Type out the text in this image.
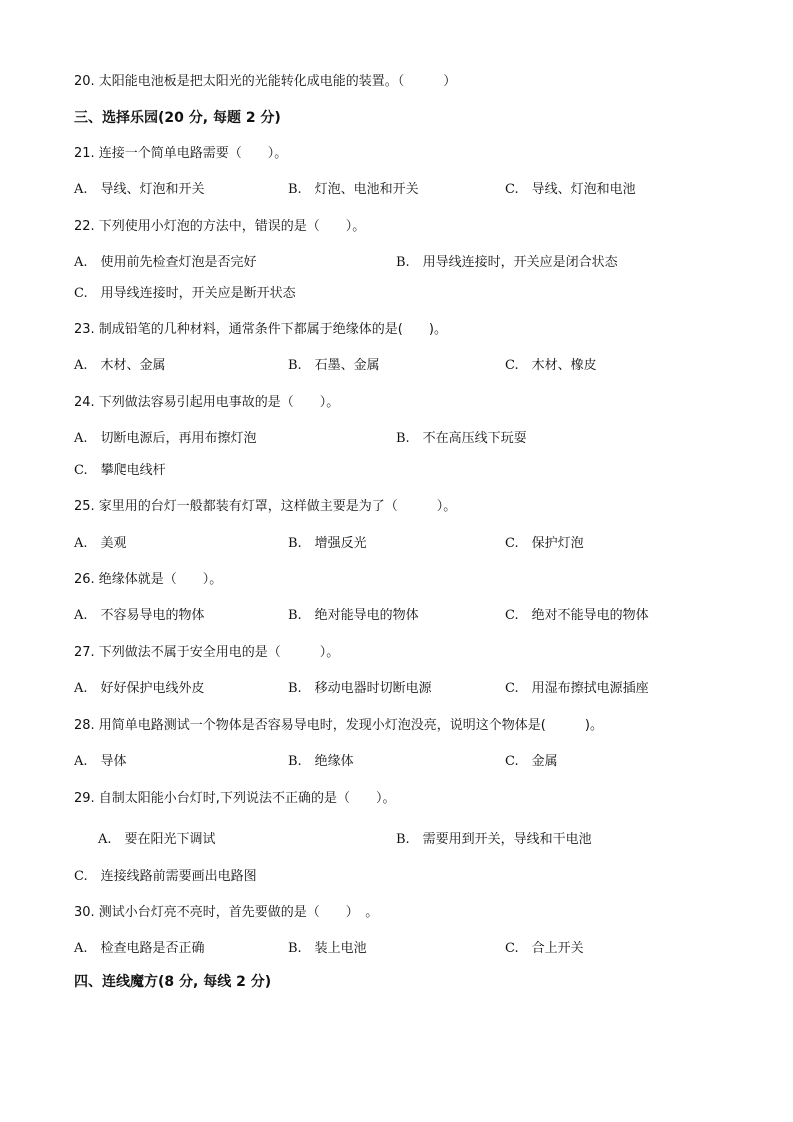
20. 太阳能电池板是把太阳光的光能转化成电能的装置。（　　　）
三、选择乐园(20 分, 每题 2 分)
21. 连接一个简单电路需要（　　）。
A.　导线、灯泡和开关	B.　灯泡、电池和开关	C.　导线、灯泡和电池
22. 下列使用小灯泡的方法中，错误的是（　　）。
A.　使用前先检查灯泡是否完好	B.　用导线连接时，开关应是闭合状态
C.　用导线连接时，开关应是断开状态
23. 制成铅笔的几种材料，通常条件下都属于绝缘体的是(　　)。
A.　木材、金属	B.　石墨、金属	C.　木材、橡皮
24. 下列做法容易引起用电事故的是（　　）。
A.　切断电源后，再用布擦灯泡	B.　不在高压线下玩耍
C.　攀爬电线杆
25. 家里用的台灯一般都装有灯罩，这样做主要是为了（　　　）。
A.　美观	B.　增强反光	C.　保护灯泡
26. 绝缘体就是（　　）。
A.　不容易导电的物体	B.　绝对能导电的物体	C.　绝对不能导电的物体
27. 下列做法不属于安全用电的是（　　　）。
A.　好好保护电线外皮	B.　移动电器时切断电源	C.　用湿布擦拭电源插座
28. 用简单电路测试一个物体是否容易导电时，发现小灯泡没亮，说明这个物体是(　　　)。
A.　导体	B.　绝缘体	C.　金属
29. 自制太阳能小台灯时,下列说法不正确的是（　　）。
A.　要在阳光下调试	B.　需要用到开关，导线和干电池
C.　连接线路前需要画出电路图
30. 测试小台灯亮不亮时，首先要做的是（　　）　。
A.　检查电路是否正确	B.　装上电池	C.　合上开关
四、连线魔方(8 分, 每线 2 分)
